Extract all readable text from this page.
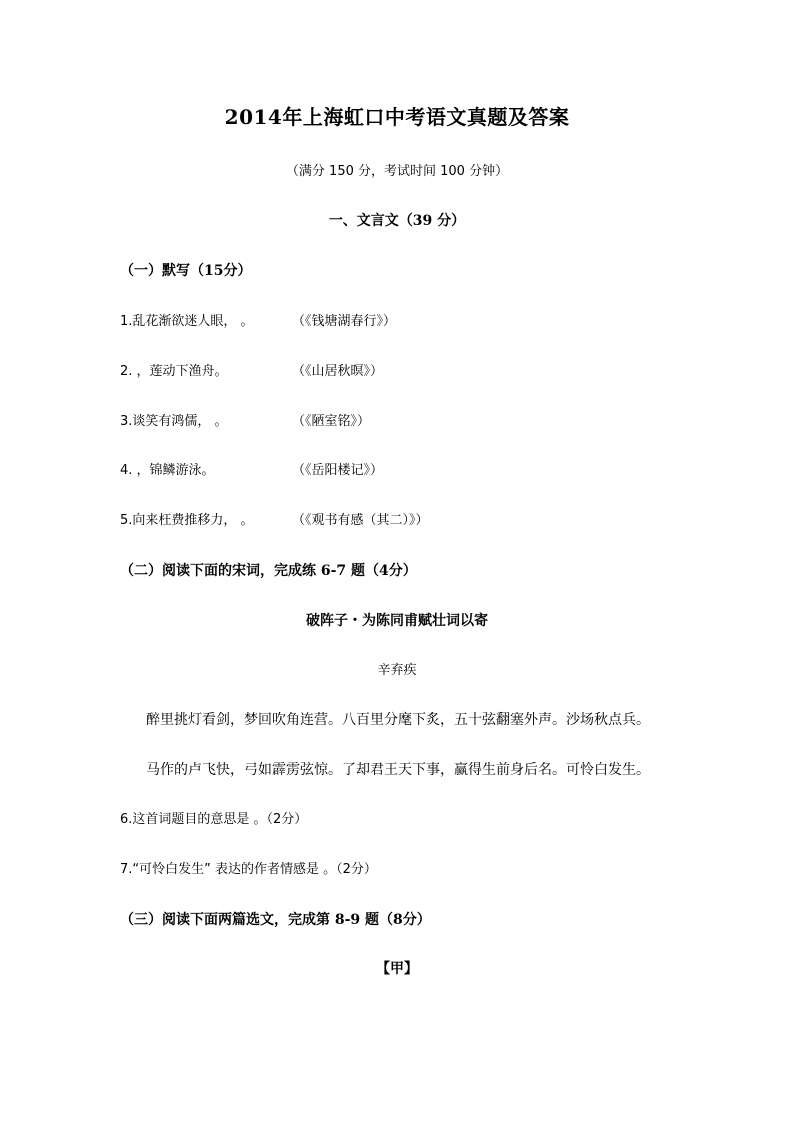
2014年上海虹口中考语文真题及答案
（满分 150 分，考试时间 100 分钟）
一、文言文（39 分）
（一）默写（15分）
1.乱花渐欲迷人眼， 。	（《钱塘湖春行》）
2. ，莲动下渔舟。	（《山居秋暝》）
3.谈笑有鸿儒， 。	（《陋室铭》）
4. ，锦鳞游泳。	（《岳阳楼记》）
5.向来枉费推移力， 。	（《观书有感（其二）》）
（二）阅读下面的宋词，完成练 6-7 题（4分）
破阵子・为陈同甫赋壮词以寄
辛弃疾
醉里挑灯看剑，梦回吹角连营。八百里分麾下炙，五十弦翻塞外声。沙场秋点兵。
马作的卢飞快，弓如霹雳弦惊。了却君王天下事，赢得生前身后名。可怜白发生。
6.这首词题目的意思是 。（2分）
7.“可怜白发生” 表达的作者情感是 。（2分）
（三）阅读下面两篇选文，完成第 8-9 题（8分）
【甲】
